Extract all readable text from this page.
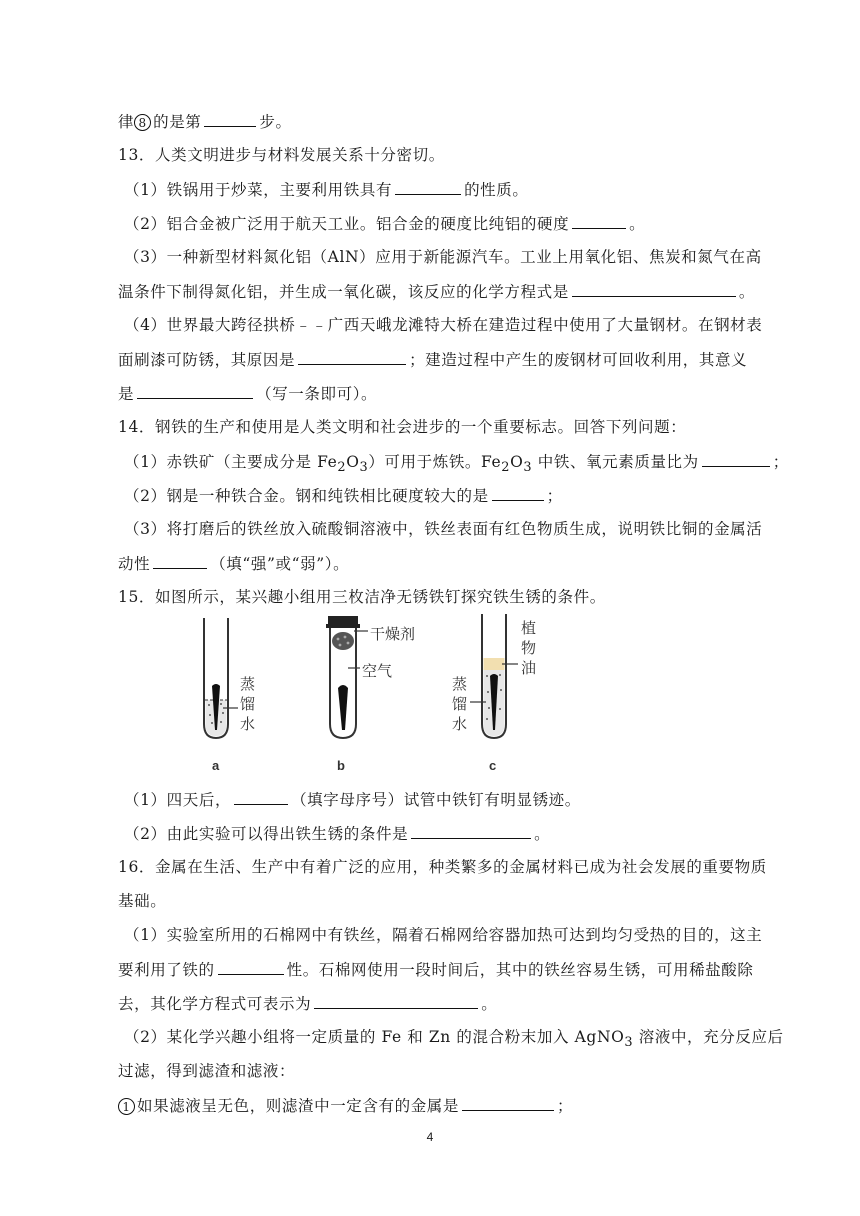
律 8 的是第	步。
13．人类文明进步与材料发展关系十分密切。
（1）铁锅用于炒菜，主要利用铁具有	的性质。
（2）铝合金被广泛用于航天工业。铝合金的硬度比纯铝的硬度	。
（3）一种新型材料氮化铝（AlN）应用于新能源汽车。工业上用氧化铝、焦炭和氮气在高
温条件下制得氮化铝，并生成一氧化碳，该反应的化学方程式是	。
（4）世界最大跨径拱桥﹣﹣广西天峨龙滩特大桥在建造过程中使用了大量钢材。在钢材表
面刷漆可防锈，其原因是	；建造过程中产生的废钢材可回收利用，其意义
是	（写一条即可）。
14．钢铁的生产和使用是人类文明和社会进步的一个重要标志。回答下列问题：
（1）赤铁矿（主要成分是 $Fe_2O_3$）可用于炼铁。$Fe_2O_3$ 中铁、氧元素质量比为	；
（2）钢是一种铁合金。钢和纯铁相比硬度较大的是	；
（3）将打磨后的铁丝放入硫酸铜溶液中，铁丝表面有红色物质生成，说明铁比铜的金属活
动性	（填“强”或“弱”）。
15．如图所示，某兴趣小组用三枚洁净无锈铁钉探究铁生锈的条件。
蒸
馏
水
干燥剂
空气
植
物
油
蒸
馏
水
a	b	c
（1）四天后，	（填字母序号）试管中铁钉有明显锈迹。
（2）由此实验可以得出铁生锈的条件是	。
16．金属在生活、生产中有着广泛的应用，种类繁多的金属材料已成为社会发展的重要物质
基础。
（1）实验室所用的石棉网中有铁丝，隔着石棉网给容器加热可达到均匀受热的目的，这主
要利用了铁的	性。石棉网使用一段时间后，其中的铁丝容易生锈，可用稀盐酸除
去，其化学方程式可表示为	。
（2）某化学兴趣小组将一定质量的 Fe 和 Zn 的混合粉末加入 AgNO$_3$ 溶液中，充分反应后
过滤，得到滤渣和滤液：
1 如果滤液呈无色，则滤渣中一定含有的金属是	；
4
